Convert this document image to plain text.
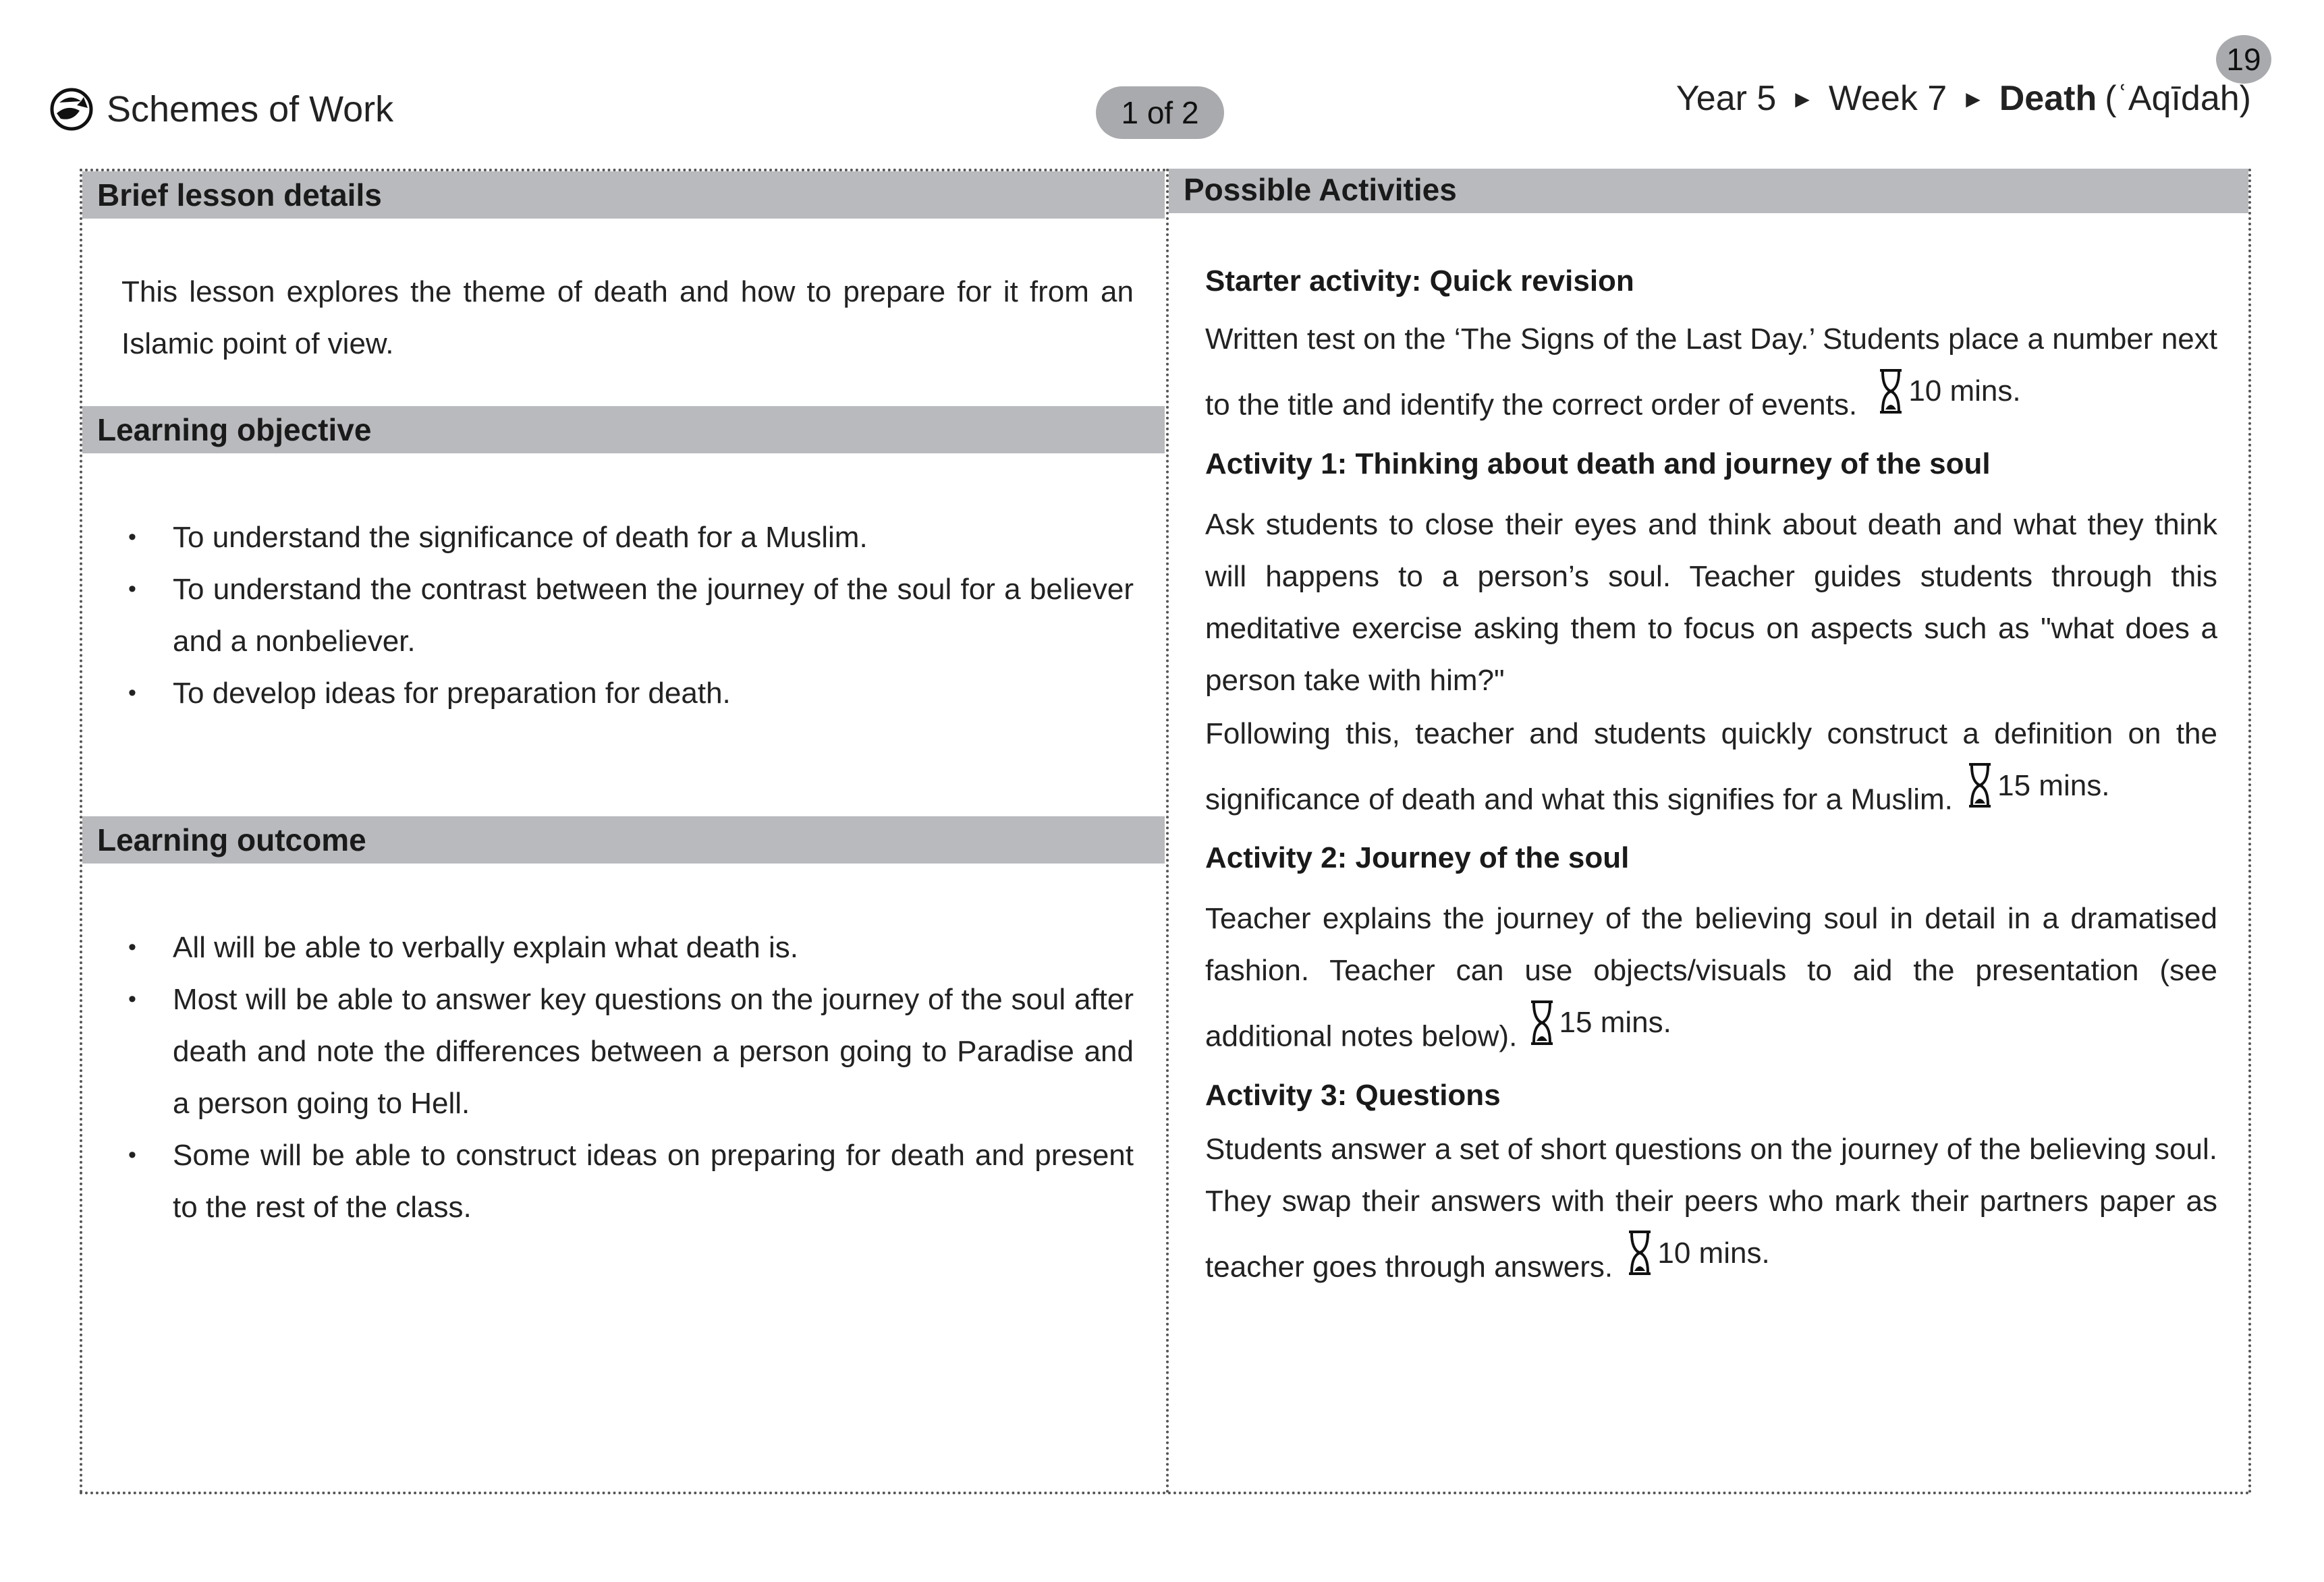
19
Schemes of Work	1 of 2	Year 5 ▶ Week 7 ▶ Death (ʿAqīdah)
Brief lesson details
This lesson explores the theme of death and how to prepare for it from an Islamic point of view.
Learning objective
• To understand the significance of death for a Muslim.
• To understand the contrast between the journey of the soul for a believer and a nonbeliever.
• To develop ideas for preparation for death.
Learning outcome
• All will be able to verbally explain what death is.
• Most will be able to answer key questions on the journey of the soul after death and note the differences between a person going to Paradise and a person going to Hell.
• Some will be able to construct ideas on preparing for death and present to the rest of the class.
Possible Activities
Starter activity: Quick revision
Written test on the ‘The Signs of the Last Day.’ Students place a number next to the title and identify the correct order of events. 10 mins.
Activity 1: Thinking about death and journey of the soul
Ask students to close their eyes and think about death and what they think will happens to a person’s soul. Teacher guides students through this meditative exercise asking them to focus on aspects such as "what does a person take with him?"
Following this, teacher and students quickly construct a definition on the significance of death and what this signifies for a Muslim. 15 mins.
Activity 2: Journey of the soul
Teacher explains the journey of the believing soul in detail in a dramatised fashion. Teacher can use objects/visuals to aid the presentation (see additional notes below). 15 mins.
Activity 3: Questions
Students answer a set of short questions on the journey of the believing soul. They swap their answers with their peers who mark their partners paper as teacher goes through answers. 10 mins.
